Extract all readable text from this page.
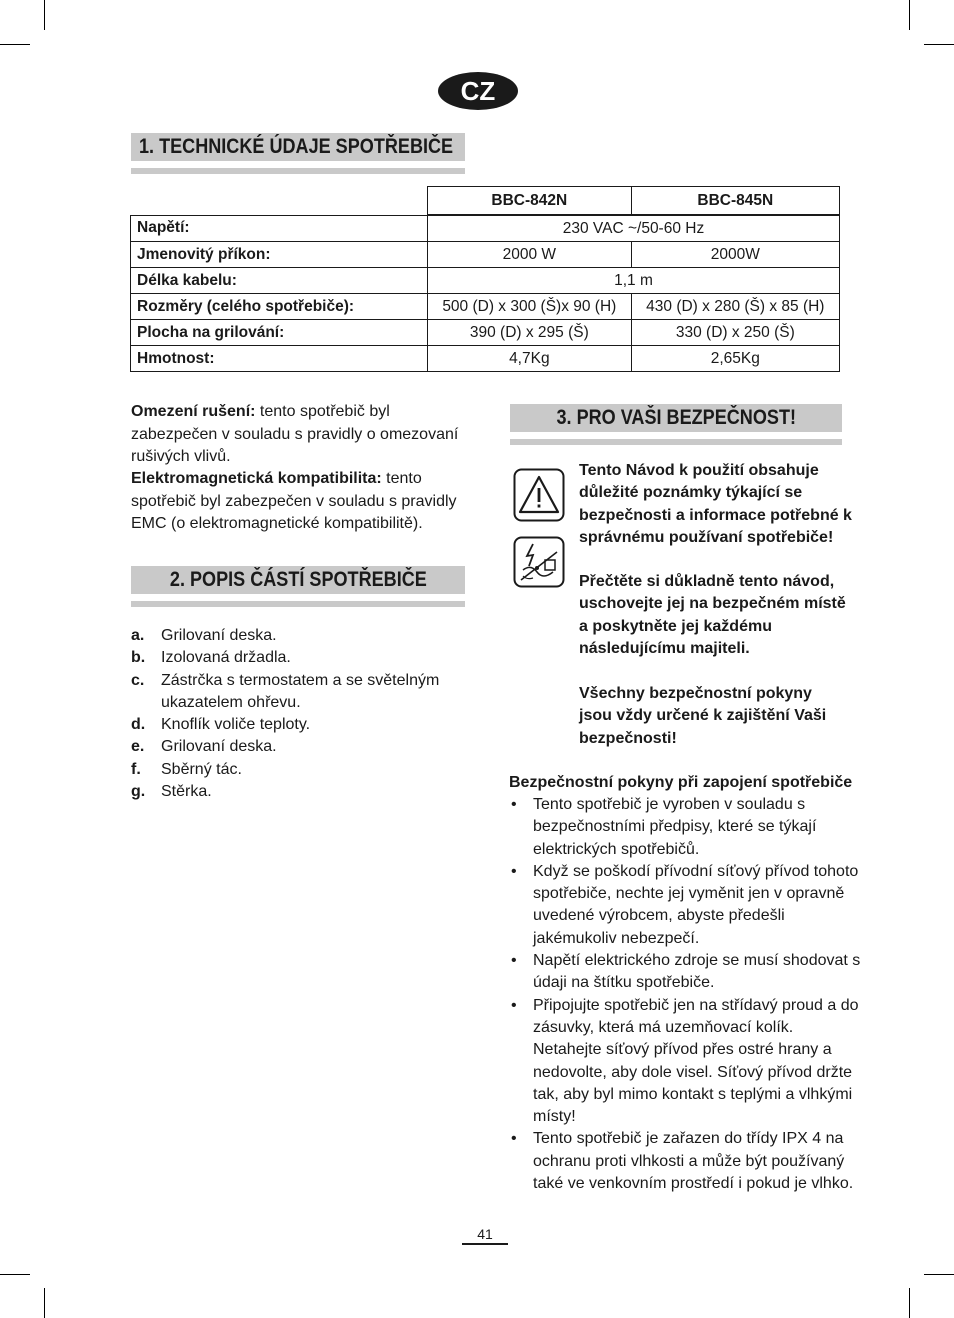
CZ
1. TECHNICKÉ ÚDAJE SPOTŘEBIČE
	BBC-842N	BBC-845N
Napětí:	230 VAC ~/50-60 Hz	
Jmenovitý příkon:	2000 W	2000W
Délka kabelu:	1,1 m	
Rozměry (celého spotřebiče):	500 (D) x 300 (Š)x 90 (H)	430 (D) x 280 (Š) x 85 (H)
Plocha na grilování:	390 (D) x 295 (Š)	330 (D) x 250 (Š)
Hmotnost:	4,7Kg	2,65Kg
Omezení rušení: tento spotřebič byl zabezpečen v souladu s pravidly o omezovaní rušivých vlivů.
Elektromagnetická kompatibilita: tento spotřebič byl zabezpečen v souladu s pravidly EMC (o elektromagnetické kompatibilitě).
2. POPIS ČÁSTÍ SPOTŘEBIČE
a.	Grilovaní deska.
b. Izolovaná držadla.
c.	Zástrčka s termostatem a se světelným ukazatelem ohřevu.
d. Knoflík voliče teploty.
e.	Grilovaní deska.
f.	Sběrný tác.
g. Stěrka.
3. PRO VAŠI BEZPEČNOST!
Tento Návod k použití obsahuje důležité poznámky týkající se bezpečnosti a informace potřebné k správnému používaní spotřebiče!
Přečtěte si důkladně tento návod, uschovejte jej na bezpečném místě a poskytněte jej každému následujícímu majiteli.
Všechny bezpečnostní pokyny jsou vždy určené k zajištění Vaši bezpečnosti!
Bezpečnostní pokyny při zapojení spotřebiče
•	Tento spotřebič je vyroben v souladu s bezpečnostními předpisy, které se týkají elektrických spotřebičů.
•	Když se poškodí přívodní síťový přívod tohoto spotřebiče, nechte jej vyměnit jen v opravně uvedené výrobcem, abyste předešli jakémukoliv nebezpečí.
•	Napětí elektrického zdroje se musí shodovat s údaji na štítku spotřebiče.
•	Připojujte spotřebič jen na střídavý proud a do zásuvky, která má uzemňovací kolík. Netahejte síťový přívod přes ostré hrany a nedovolte, aby dole visel. Síťový přívod držte tak, aby byl mimo kontakt s teplými a vlhkými místy!
•	Tento spotřebič je zařazen do třídy IPX 4 na ochranu proti vlhkosti a může být používaný také ve venkovním prostředí i pokud je vlhko.
41
